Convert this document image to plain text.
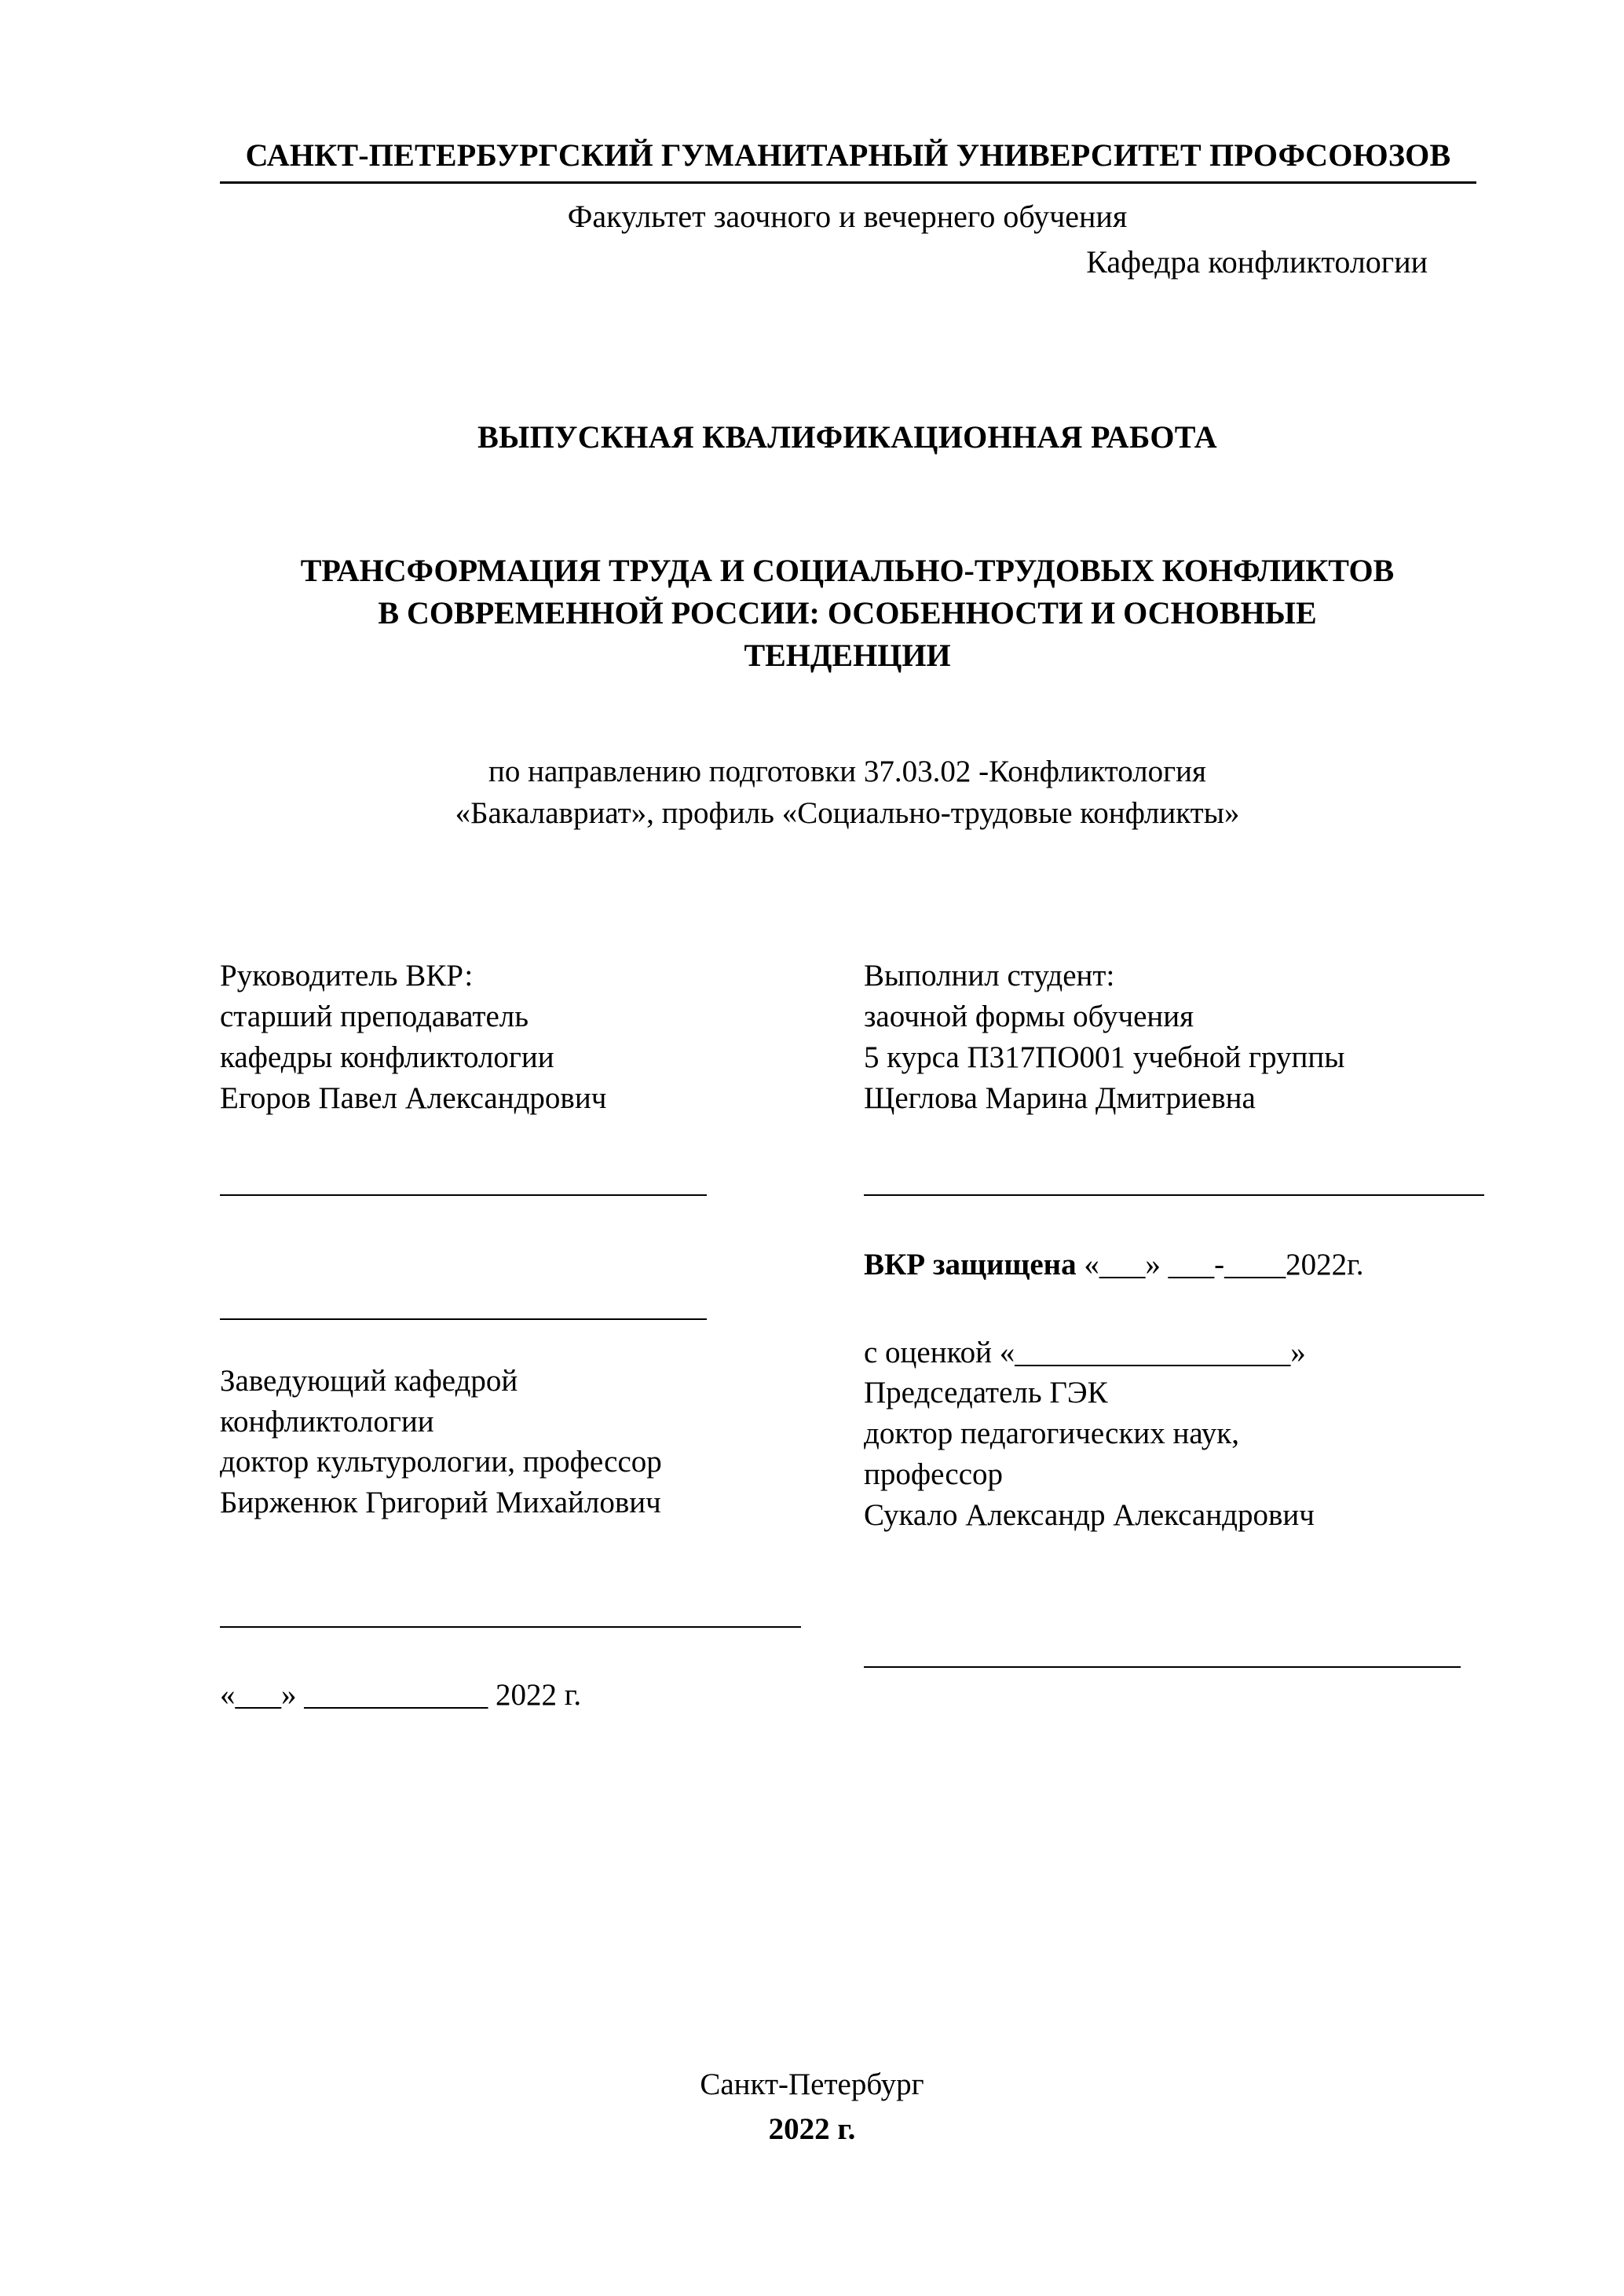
САНКТ-ПЕТЕРБУРГСКИЙ ГУМАНИТАРНЫЙ УНИВЕРСИТЕТ ПРОФСОЮЗОВ
Факультет заочного и вечернего обучения
Кафедра конфликтологии
ВЫПУСКНАЯ КВАЛИФИКАЦИОННАЯ РАБОТА
ТРАНСФОРМАЦИЯ ТРУДА И СОЦИАЛЬНО-ТРУДОВЫХ КОНФЛИКТОВ В СОВРЕМЕННОЙ РОССИИ: ОСОБЕННОСТИ И ОСНОВНЫЕ ТЕНДЕНЦИИ
по направлению подготовки 37.03.02 -Конфликтология
«Бакалавриат», профиль «Социально-трудовые конфликты»
Руководитель ВКР:
старший преподаватель
кафедры конфликтологии
Егоров Павел Александрович
Заведующий кафедрой
конфликтологии
доктор культурологии, профессор
Бирженюк Григорий Михайлович
«___» ____________ 2022 г.
Выполнил студент:
заочной формы обучения
5 курса П317ПО001 учебной группы
Щеглова Марина Дмитриевна
ВКР защищена «___» ___-____2022г.
с оценкой «__________________»
Председатель ГЭК
доктор педагогических наук,
профессор
Сукало Александр Александрович
Санкт-Петербург
2022 г.
